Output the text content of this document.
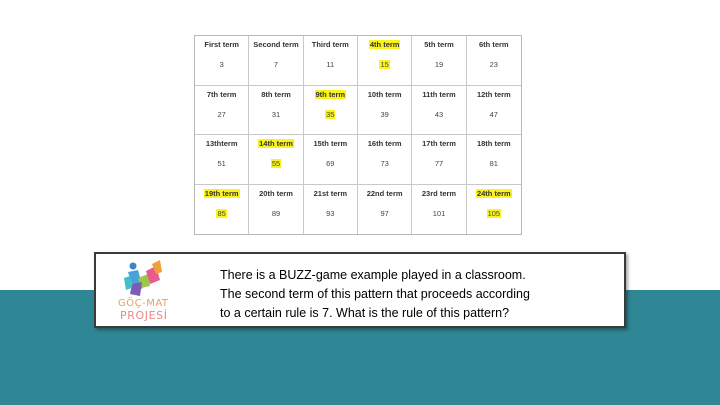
First term
3
Second term
7
Third term
11
4th term
15
5th term
19
6th term
23
7th term
27
8th term
31
9th term
35
10th term
39
11th term
43
12th term
47
13thterm
51
14th term
55
15th term
69
16th term
73
17th term
77
18th term
81
19th term
85
20th term
89
21st term
93
22nd term
97
23rd term
101
24th term
105
GÖÇ-MAT
PROJESİ
There is a BUZZ-game example played in a classroom.
The second term of this pattern that proceeds according
to a certain rule is 7. What is the rule of this pattern?
